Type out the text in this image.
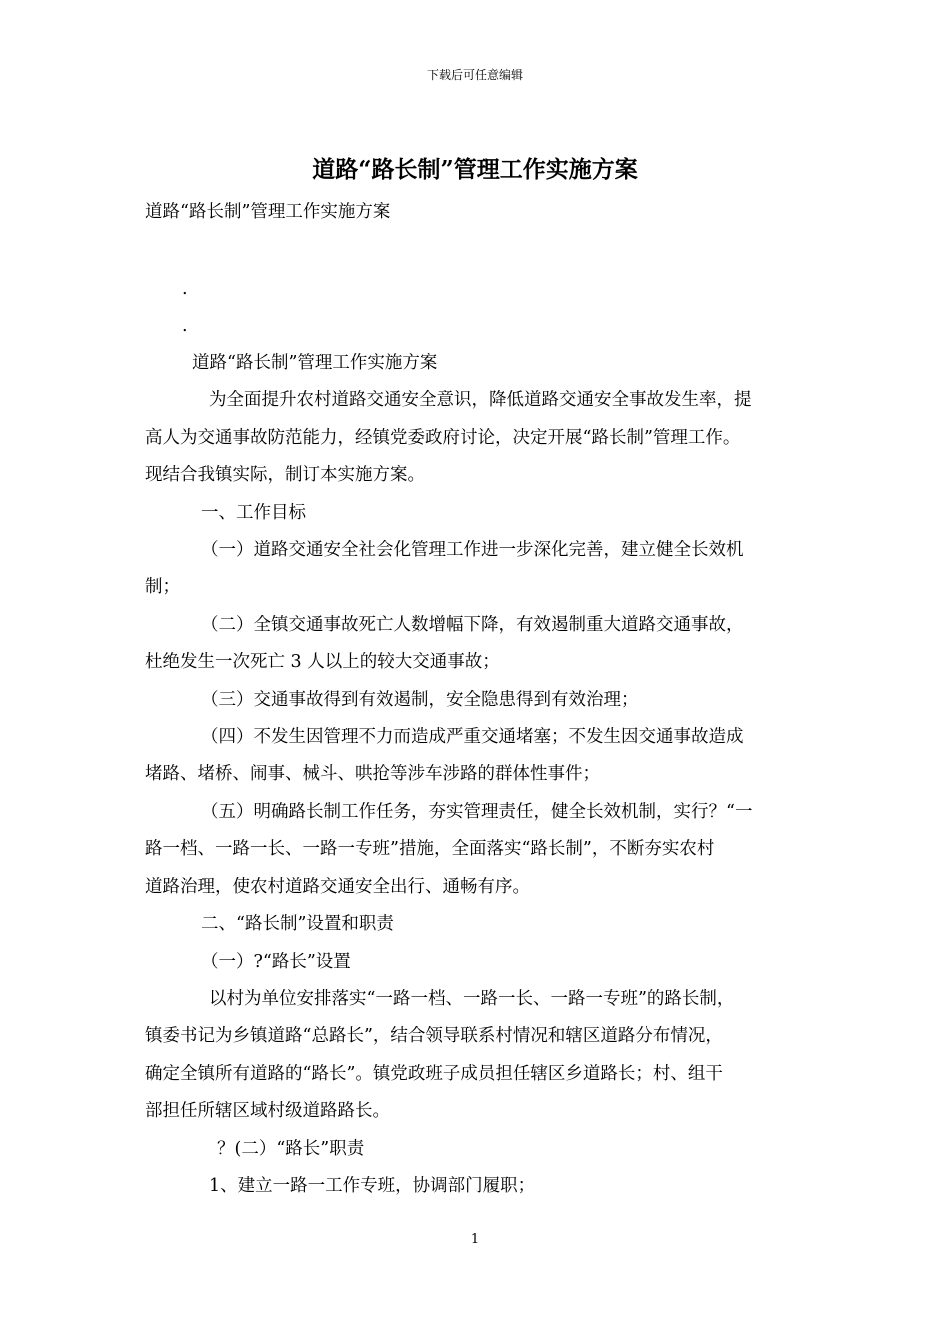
下载后可任意编辑
道路“路长制”管理工作实施方案
道路“路长制”管理工作实施方案
.
.

道路“路长制”管理工作实施方案

为全面提升农村道路交通安全意识，降低道路交通安全事故发生率，提

高人为交通事故防范能力，经镇党委政府讨论，决定开展“路长制”管理工作。

现结合我镇实际，制订本实施方案。

一、工作目标

（一）道路交通安全社会化管理工作进一步深化完善，建立健全长效机

制；

（二）全镇交通事故死亡人数增幅下降，有效遏制重大道路交通事故，

杜绝发生一次死亡 3 人以上的较大交通事故；

（三）交通事故得到有效遏制，安全隐患得到有效治理；

（四）不发生因管理不力而造成严重交通堵塞；不发生因交通事故造成

堵路、堵桥、闹事、械斗、哄抢等涉车涉路的群体性事件；

（五）明确路长制工作任务，夯实管理责任，健全长效机制，实行？“一

路一档、一路一长、一路一专班”措施，全面落实“路长制”，不断夯实农村

道路治理，使农村道路交通安全出行、通畅有序。

二、“路长制”设置和职责

（一）?“路长”设置

以村为单位安排落实“一路一档、一路一长、一路一专班”的路长制，

镇委书记为乡镇道路“总路长”，结合领导联系村情况和辖区道路分布情况，

确定全镇所有道路的“路长”。镇党政班子成员担任辖区乡道路长；村、组干

部担任所辖区域村级道路路长。

？(二）“路长”职责

1、建立一路一工作专班，协调部门履职；

1
